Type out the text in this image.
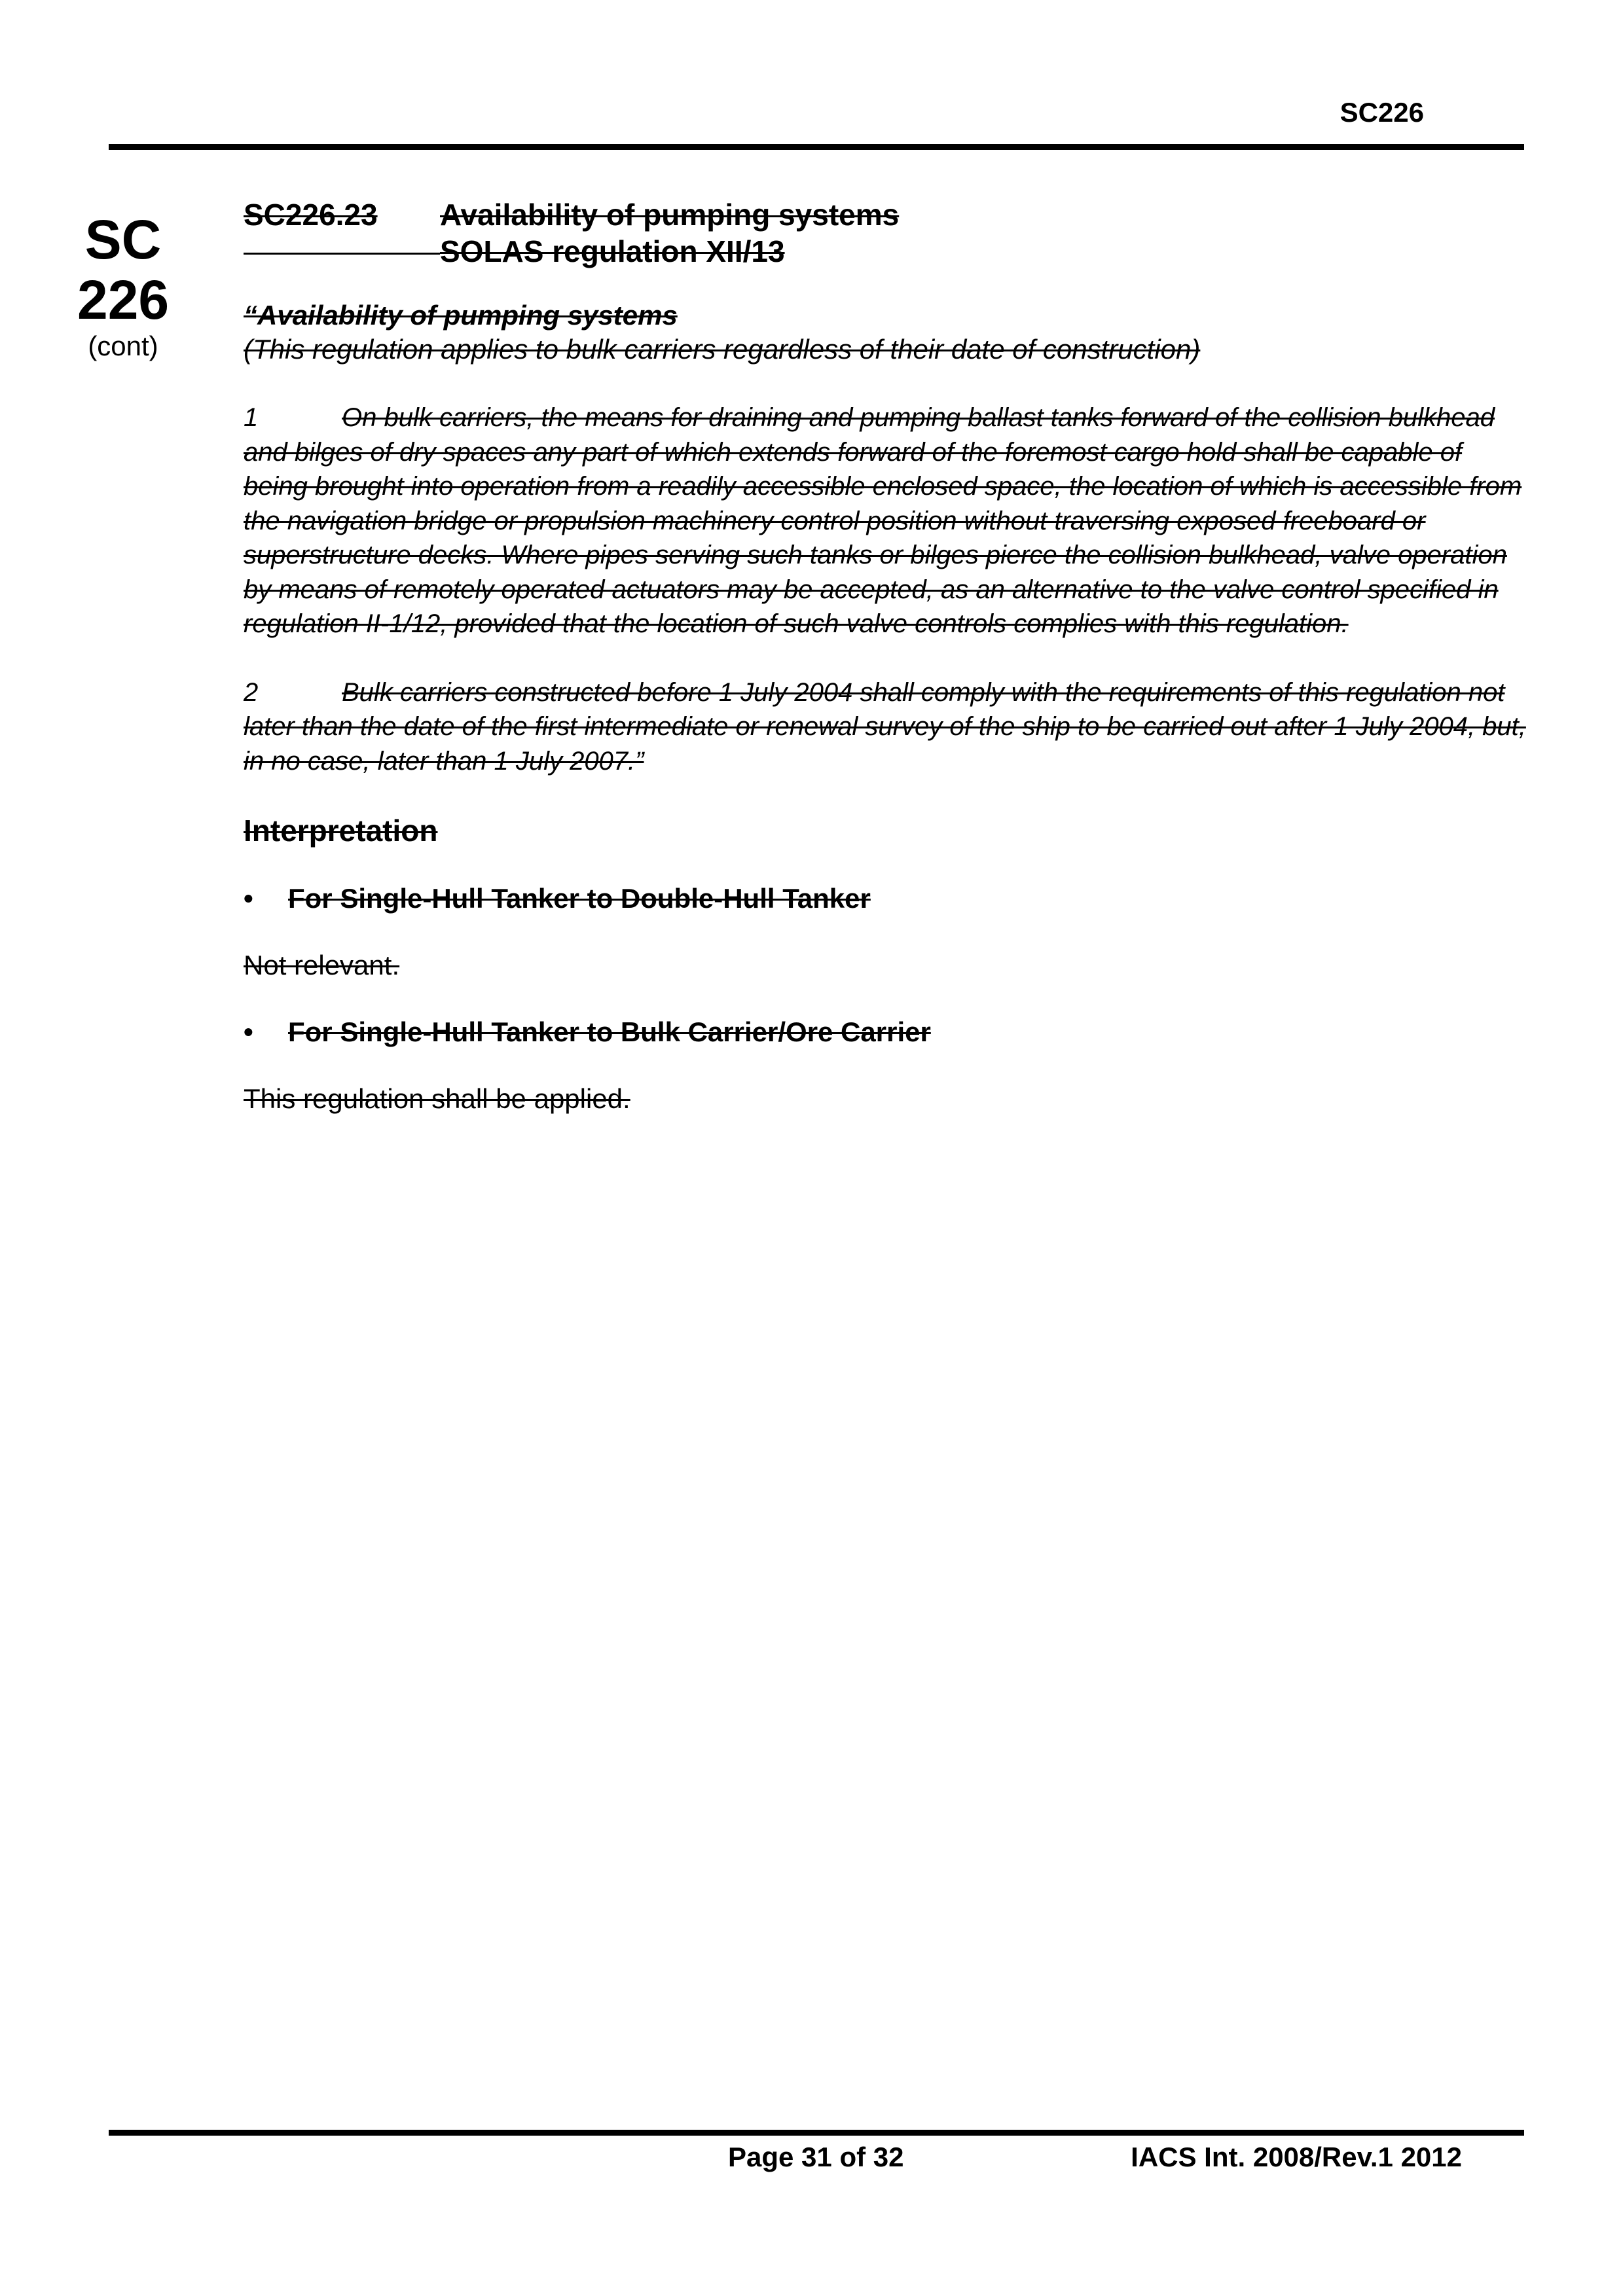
SC226
SC
226
(cont)
SC226.23	Availability of pumping systems
SOLAS regulation XII/13
“Availability of pumping systems
(This regulation applies to bulk carriers regardless of their date of construction)
1	On bulk carriers, the means for draining and pumping ballast tanks forward of the collision bulkhead and bilges of dry spaces any part of which extends forward of the foremost cargo hold shall be capable of being brought into operation from a readily accessible enclosed space, the location of which is accessible from the navigation bridge or propulsion machinery control position without traversing exposed freeboard or superstructure decks. Where pipes serving such tanks or bilges pierce the collision bulkhead, valve operation by means of remotely operated actuators may be accepted, as an alternative to the valve control specified in regulation II-1/12, provided that the location of such valve controls complies with this regulation.
2	Bulk carriers constructed before 1 July 2004 shall comply with the requirements of this regulation not later than the date of the first intermediate or renewal survey of the ship to be carried out after 1 July 2004, but, in no case, later than 1 July 2007.”
Interpretation
• For Single-Hull Tanker to Double-Hull Tanker
Not relevant.
• For Single-Hull Tanker to Bulk Carrier/Ore Carrier
This regulation shall be applied.
Page 31 of 32	IACS Int. 2008/Rev.1 2012
